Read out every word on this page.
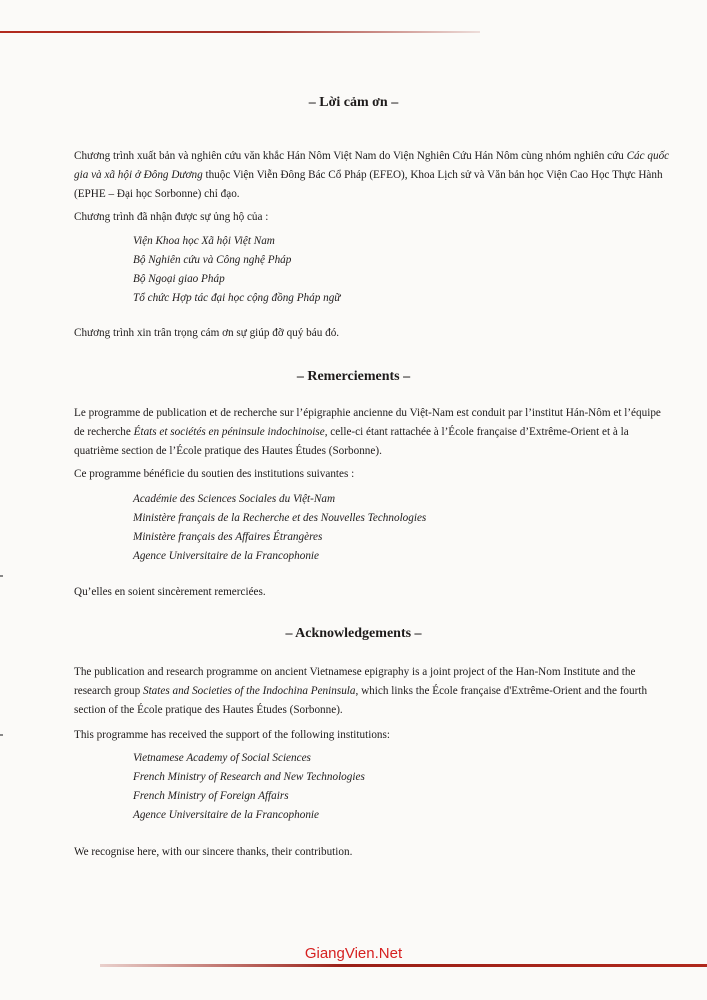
– Lời cảm ơn –

Chương trình xuất bản và nghiên cứu văn khắc Hán Nôm Việt Nam do Viện Nghiên Cứu Hán Nôm cùng nhóm nghiên cứu Các quốc gia và xã hội ở Đông Dương thuộc Viện Viễn Đông Bác Cổ Pháp (EFEO), Khoa Lịch sử và Văn bản học Viện Cao Học Thực Hành (EPHE – Đại học Sorbonne) chỉ đạo.

Chương trình đã nhận được sự ủng hộ của :

Viện Khoa học Xã hội Việt Nam
Bộ Nghiên cứu và Công nghệ Pháp
Bộ Ngoại giao Pháp
Tổ chức Hợp tác đại học cộng đồng Pháp ngữ

Chương trình xin trân trọng cám ơn sự giúp đỡ quý báu đó.

– Remerciements –

Le programme de publication et de recherche sur l’épigraphie ancienne du Việt-Nam est conduit par l’institut Hán-Nôm et l’équipe de recherche États et sociétés en péninsule indochinoise, celle-ci étant rattachée à l’École française d’Extrême-Orient et à la quatrième section de l’École pratique des Hautes Études (Sorbonne).

Ce programme bénéficie du soutien des institutions suivantes :

Académie des Sciences Sociales du Việt-Nam
Ministère français de la Recherche et des Nouvelles Technologies
Ministère français des Affaires Étrangères
Agence Universitaire de la Francophonie

Qu’elles en soient sincèrement remerciées.

– Acknowledgements –

The publication and research programme on ancient Vietnamese epigraphy is a joint project of the Han-Nom Institute and the research group States and Societies of the Indochina Peninsula, which links the École française d'Extrême-Orient and the fourth section of the École pratique des Hautes Études (Sorbonne).

This programme has received the support of the following institutions:

Vietnamese Academy of Social Sciences
French Ministry of Research and New Technologies
French Ministry of Foreign Affairs
Agence Universitaire de la Francophonie

We recognise here, with our sincere thanks, their contribution.

GiangVien.Net
